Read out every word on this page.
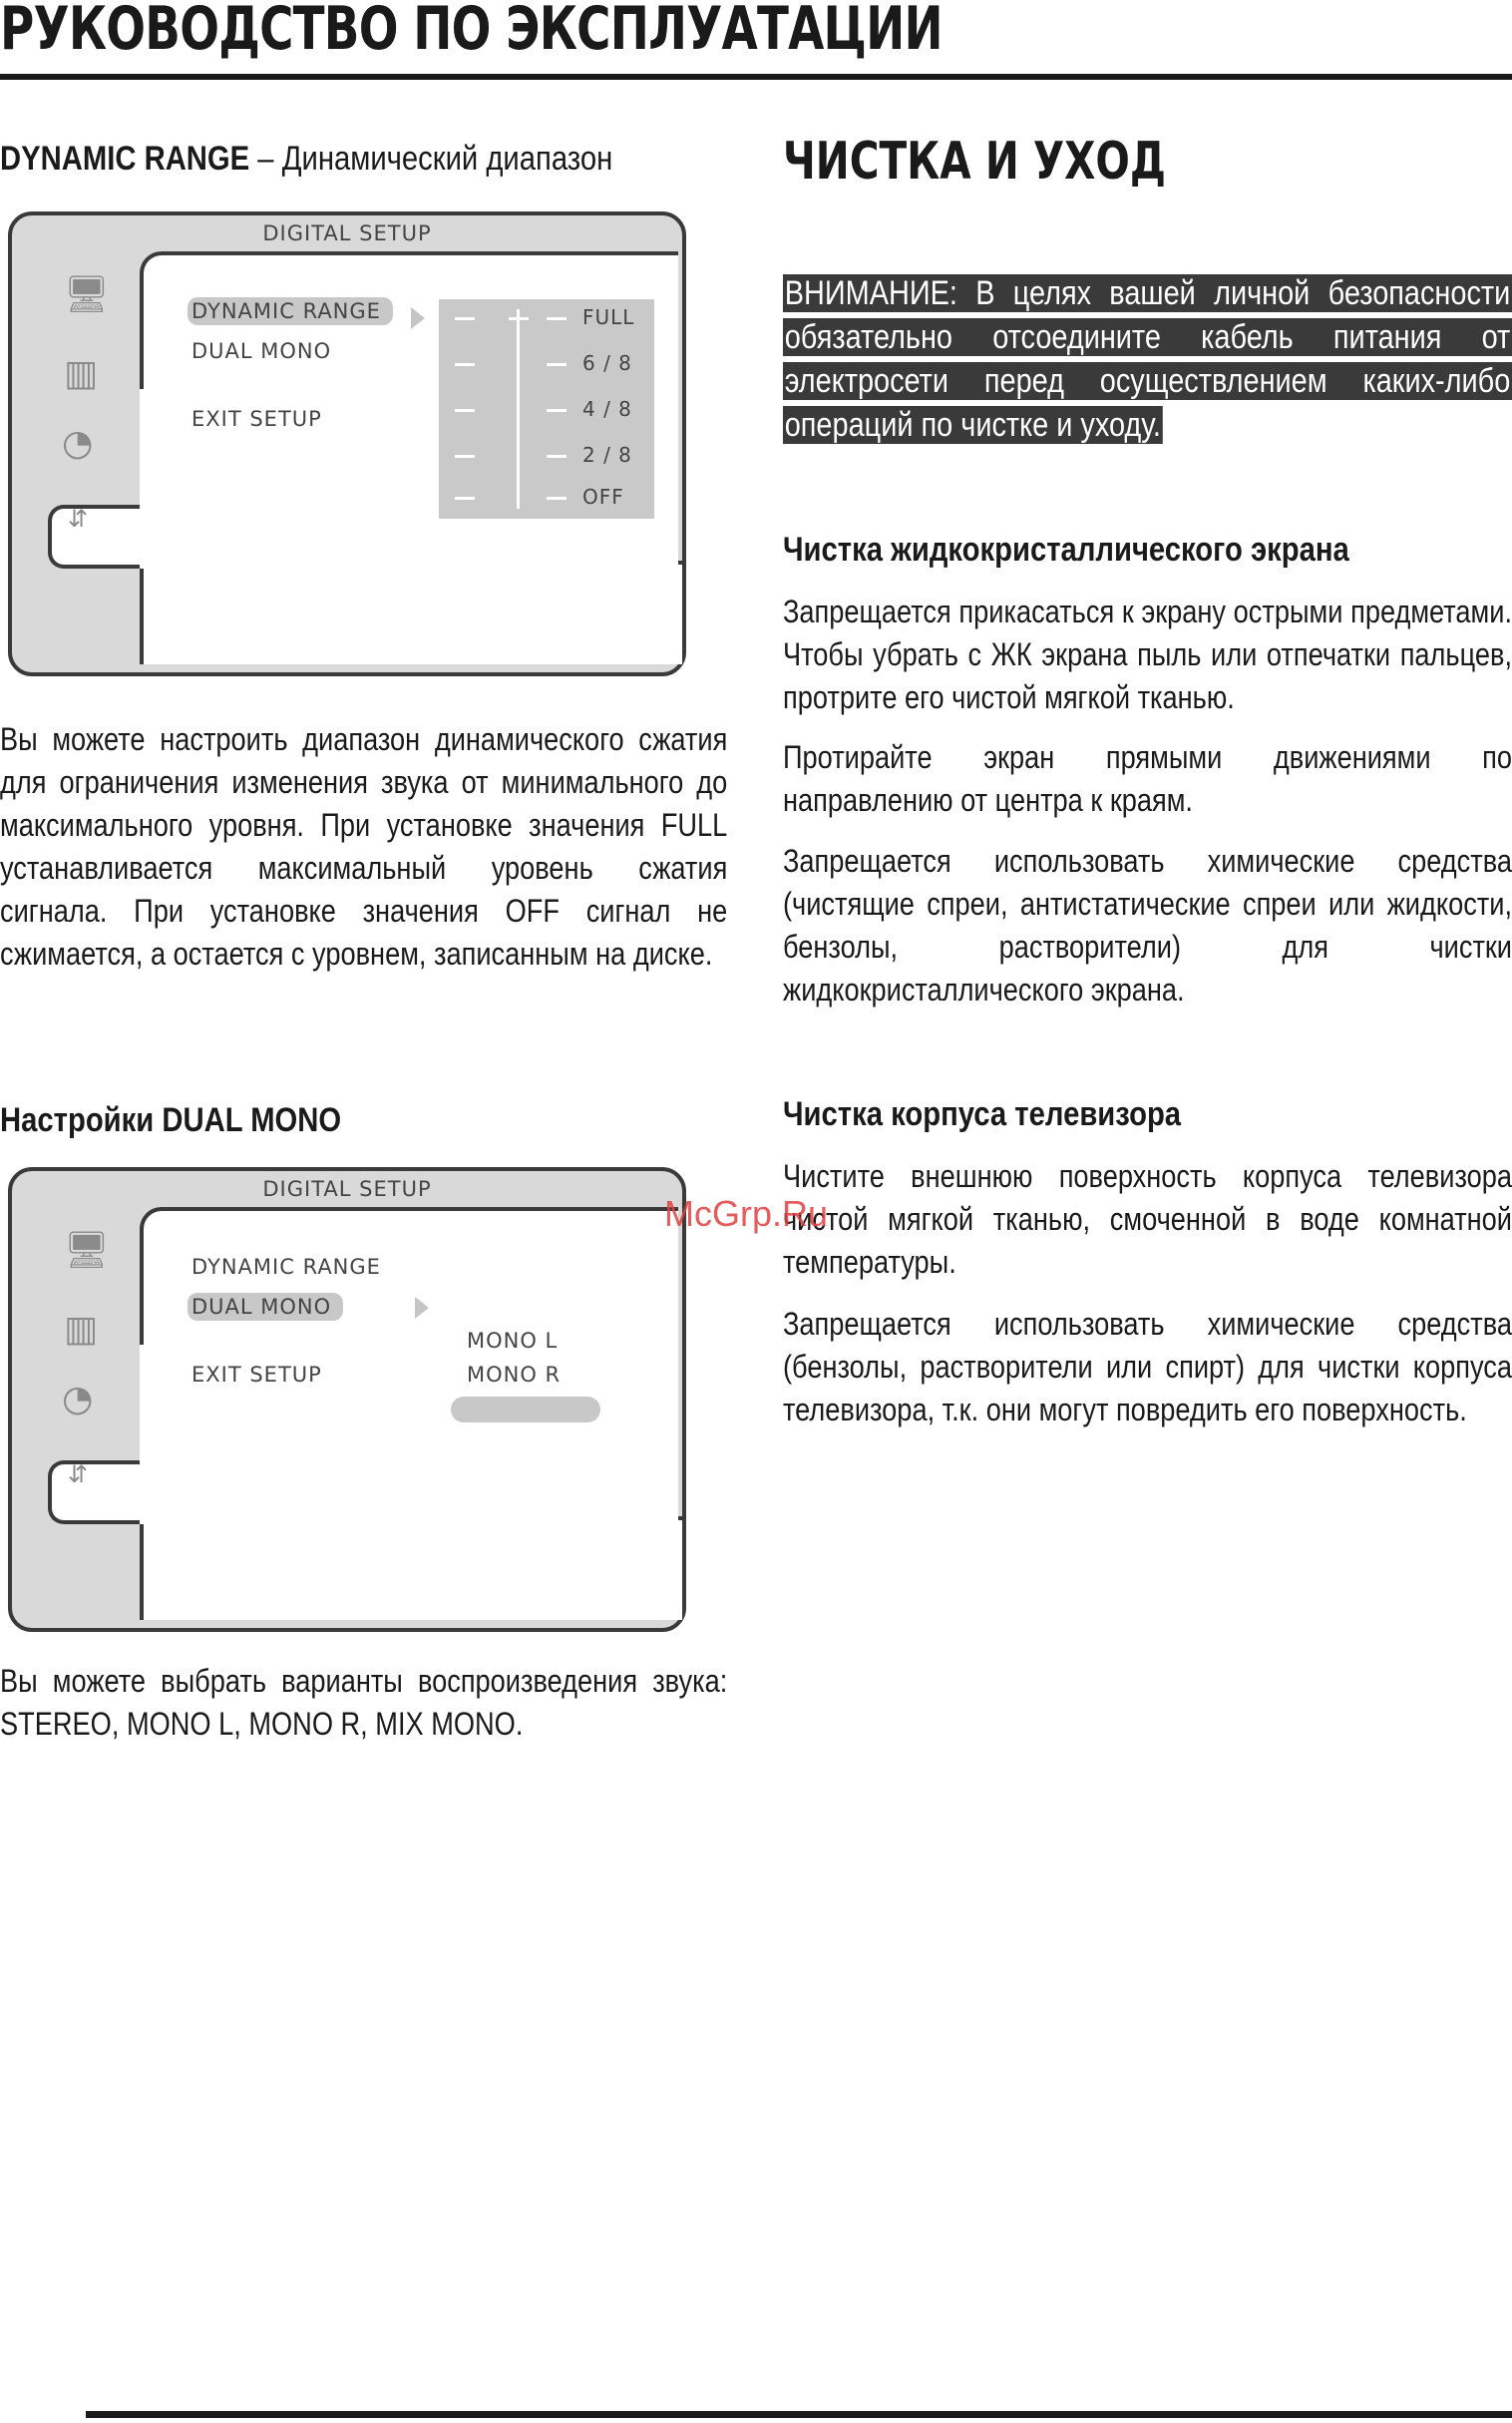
РУКОВОДСТВО ПО ЭКСПЛУАТАЦИИ
DYNAMIC RANGE – Динамический диапазон
DIGITAL SETUP
🖥
▥
◔
⇵
DYNAMIC RANGE
DUAL MONO
EXIT SETUP
FULL
6 / 8
4 / 8
2 / 8
OFF
Вы можете настроить диапазон динамического сжатия для ограничения изменения звука от минимального до максимального уровня. При установке значения FULL устанавливается максимальный уровень сжатия сигнала. При установке значения OFF сигнал не сжимается, а остается с уровнем, записанным на диске.
Настройки DUAL MONO
DIGITAL SETUP
🖥
▥
◔
⇵
DYNAMIC RANGE
DUAL MONO
EXIT SETUP
MONO L
MONO R
Вы можете выбрать варианты воспроизведения звука: STEREO, MONO L, MONO R, MIX MONO.
ЧИСТКА И УХОД
ВНИМАНИЕ: В целях вашей личной безопасности обязательно отсоедините кабель питания от электросети перед осуществлением каких-либо операций по чистке и уходу.
Чистка жидкокристаллического экрана
Запрещается прикасаться к экрану острыми предметами. Чтобы убрать с ЖК экрана пыль или отпечатки пальцев, протрите его чистой мягкой тканью.
Протирайте экран прямыми движениями по направлению от центра к краям.
Запрещается использовать химические средства (чистящие спреи, антистатические спреи или жидкости, бензолы, растворители) для чистки жидкокристаллического экрана.
Чистка корпуса телевизора
Чистите внешнюю поверхность корпуса телевизора чистой мягкой тканью, смоченной в воде комнатной температуры.
Запрещается использовать химические средства (бензолы, растворители или спирт) для чистки корпуса телевизора, т.к. они могут повредить его поверхность.
McGrp.Ru
